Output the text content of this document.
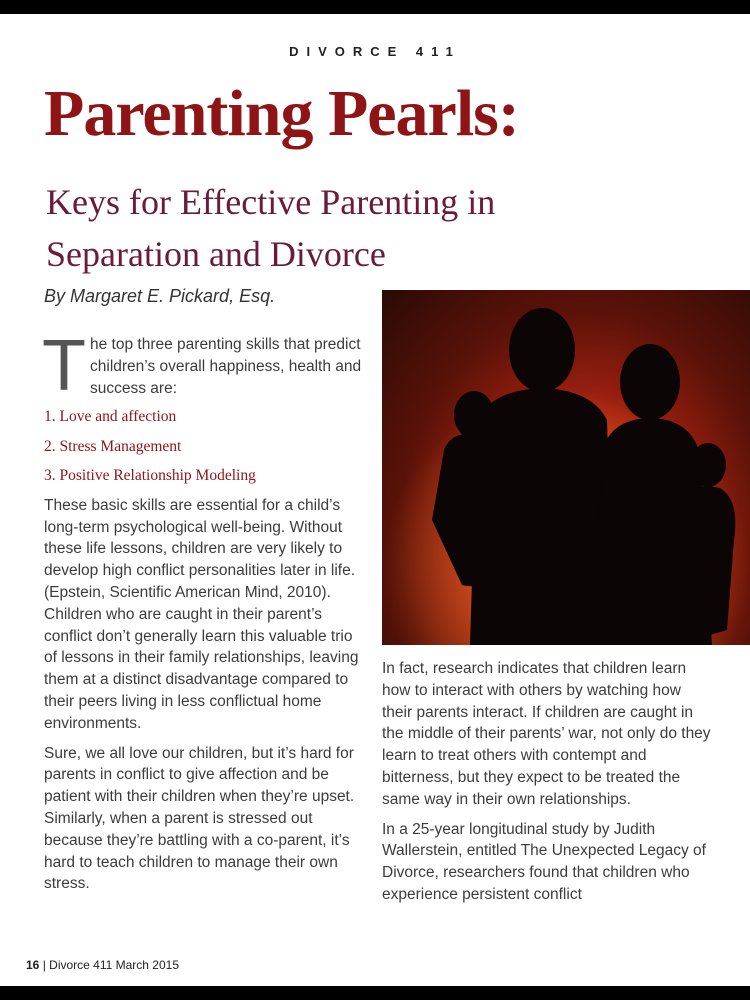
DIVORCE 411
Parenting Pearls:
Keys for Effective Parenting in Separation and Divorce
By Margaret E. Pickard, Esq.
T he top three parenting skills that predict children’s overall happiness, health and success are:
1. Love and affection
2. Stress Management
3. Positive Relationship Modeling

These basic skills are essential for a child’s long-term psychological well-being. Without these life lessons, children are very likely to develop high conflict personalities later in life. (Epstein, Scientific American Mind, 2010). Children who are caught in their parent’s conflict don’t generally learn this valuable trio of lessons in their family relationships, leaving them at a distinct disadvantage compared to their peers living in less conflictual home environments.

Sure, we all love our children, but it’s hard for parents in conflict to give affection and be patient with their children when they’re upset. Similarly, when a parent is stressed out because they’re battling with a co-parent, it’s hard to teach children to manage their own stress.

In fact, research indicates that children learn how to interact with others by watching how their parents interact. If children are caught in the middle of their parents’ war, not only do they learn to treat others with contempt and bitterness, but they expect to be treated the same way in their own relationships.

In a 25-year longitudinal study by Judith Wallerstein, entitled The Unexpected Legacy of Divorce, researchers found that children who experience persistent conflict

16 | Divorce 411 March 2015
